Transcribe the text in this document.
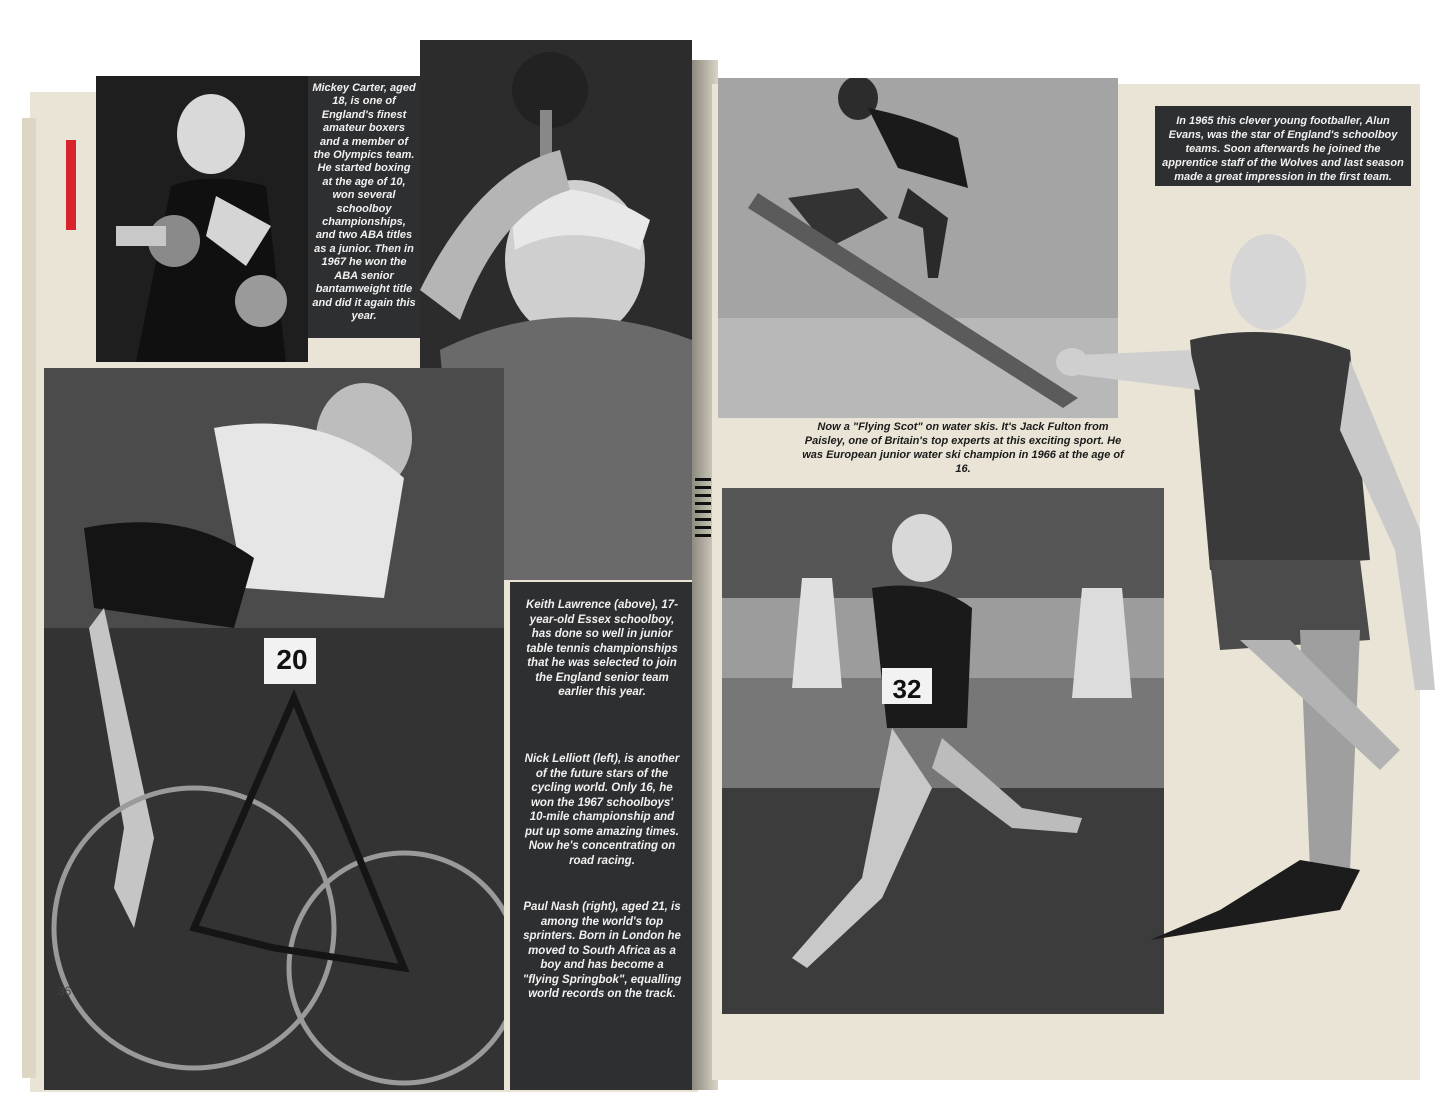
Mickey Carter, aged 18, is one of England's finest amateur boxers and a member of the Olympics team. He started boxing at the age of 10, won several schoolboy championships, and two ABA titles as a junior. Then in 1967 he won the ABA senior bantamweight title and did it again this year.
20
Keith Lawrence (above), 17-year-old Essex schoolboy, has done so well in junior table tennis championships that he was selected to join the England senior team earlier this year.
Nick Lelliott (left), is another of the future stars of the cycling world. Only 16, he won the 1967 schoolboys' 10-mile championship and put up some amazing times. Now he's concentrating on road racing.
Paul Nash (right), aged 21, is among the world's top sprinters. Born in London he moved to South Africa as a boy and has become a "flying Springbok", equalling world records on the track.
36
Now a "Flying Scot" on water skis. It's Jack Fulton from Paisley, one of Britain's top experts at this exciting sport. He was European junior water ski champion in 1966 at the age of 16.
In 1965 this clever young footballer, Alun Evans, was the star of England's schoolboy teams. Soon afterwards he joined the apprentice staff of the Wolves and last season made a great impression in the first team.
32
